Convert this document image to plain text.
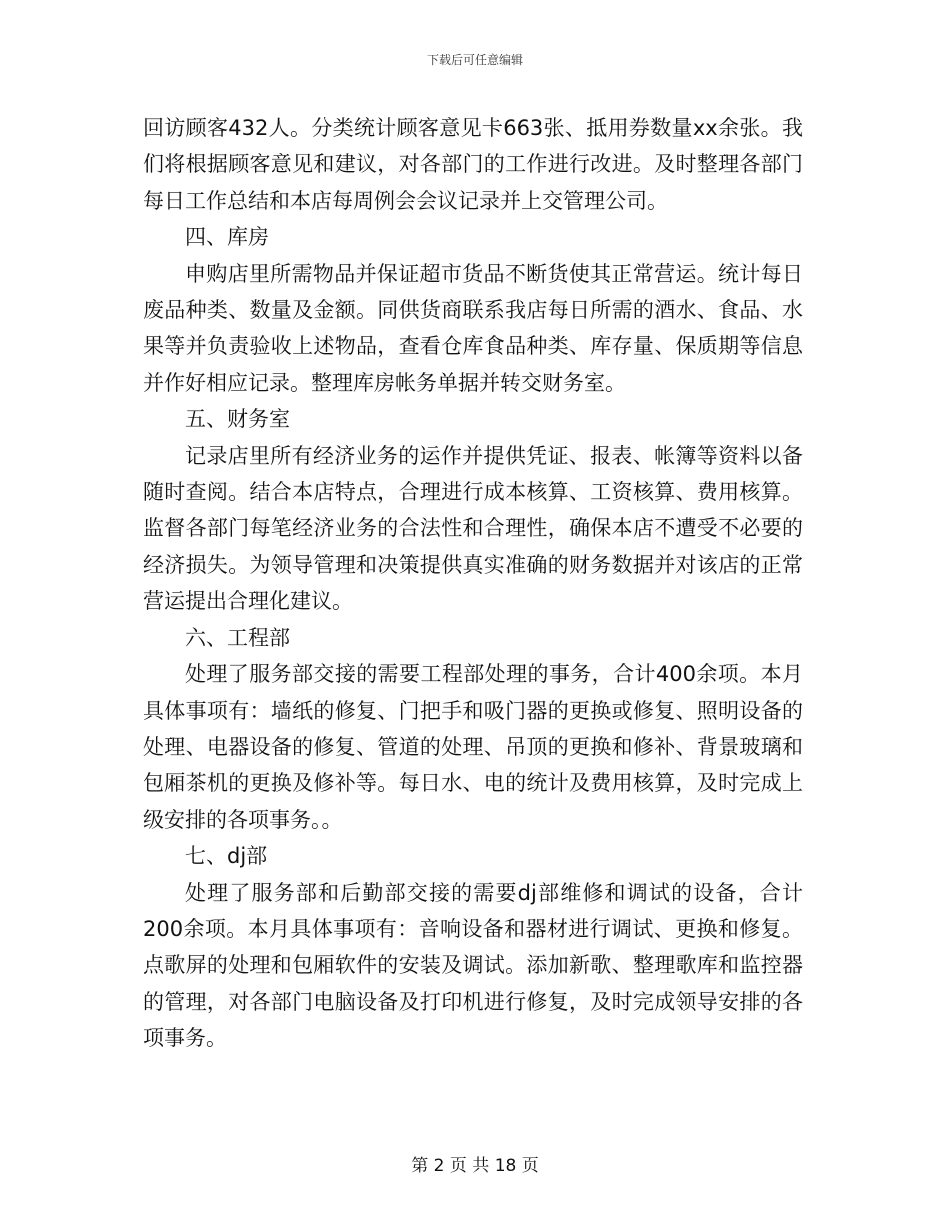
下载后可任意编辑

回访顾客432人。分类统计顾客意见卡663张、抵用券数量xx余张。我们将根据顾客意见和建议，对各部门的工作进行改进。及时整理各部门每日工作总结和本店每周例会会议记录并上交管理公司。

四、库房

申购店里所需物品并保证超市货品不断货使其正常营运。统计每日废品种类、数量及金额。同供货商联系我店每日所需的酒水、食品、水果等并负责验收上述物品，查看仓库食品种类、库存量、保质期等信息并作好相应记录。整理库房帐务单据并转交财务室。

五、财务室

记录店里所有经济业务的运作并提供凭证、报表、帐簿等资料以备随时查阅。结合本店特点，合理进行成本核算、工资核算、费用核算。监督各部门每笔经济业务的合法性和合理性，确保本店不遭受不必要的经济损失。为领导管理和决策提供真实准确的财务数据并对该店的正常营运提出合理化建议。

六、工程部

处理了服务部交接的需要工程部处理的事务，合计400余项。本月具体事项有：墙纸的修复、门把手和吸门器的更换或修复、照明设备的处理、电器设备的修复、管道的处理、吊顶的更换和修补、背景玻璃和包厢茶机的更换及修补等。每日水、电的统计及费用核算，及时完成上级安排的各项事务。。

七、dj部

处理了服务部和后勤部交接的需要dj部维修和调试的设备，合计200余项。本月具体事项有：音响设备和器材进行调试、更换和修复。点歌屏的处理和包厢软件的安装及调试。添加新歌、整理歌库和监控器的管理，对各部门电脑设备及打印机进行修复，及时完成领导安排的各项事务。

第 2 页 共 18 页
